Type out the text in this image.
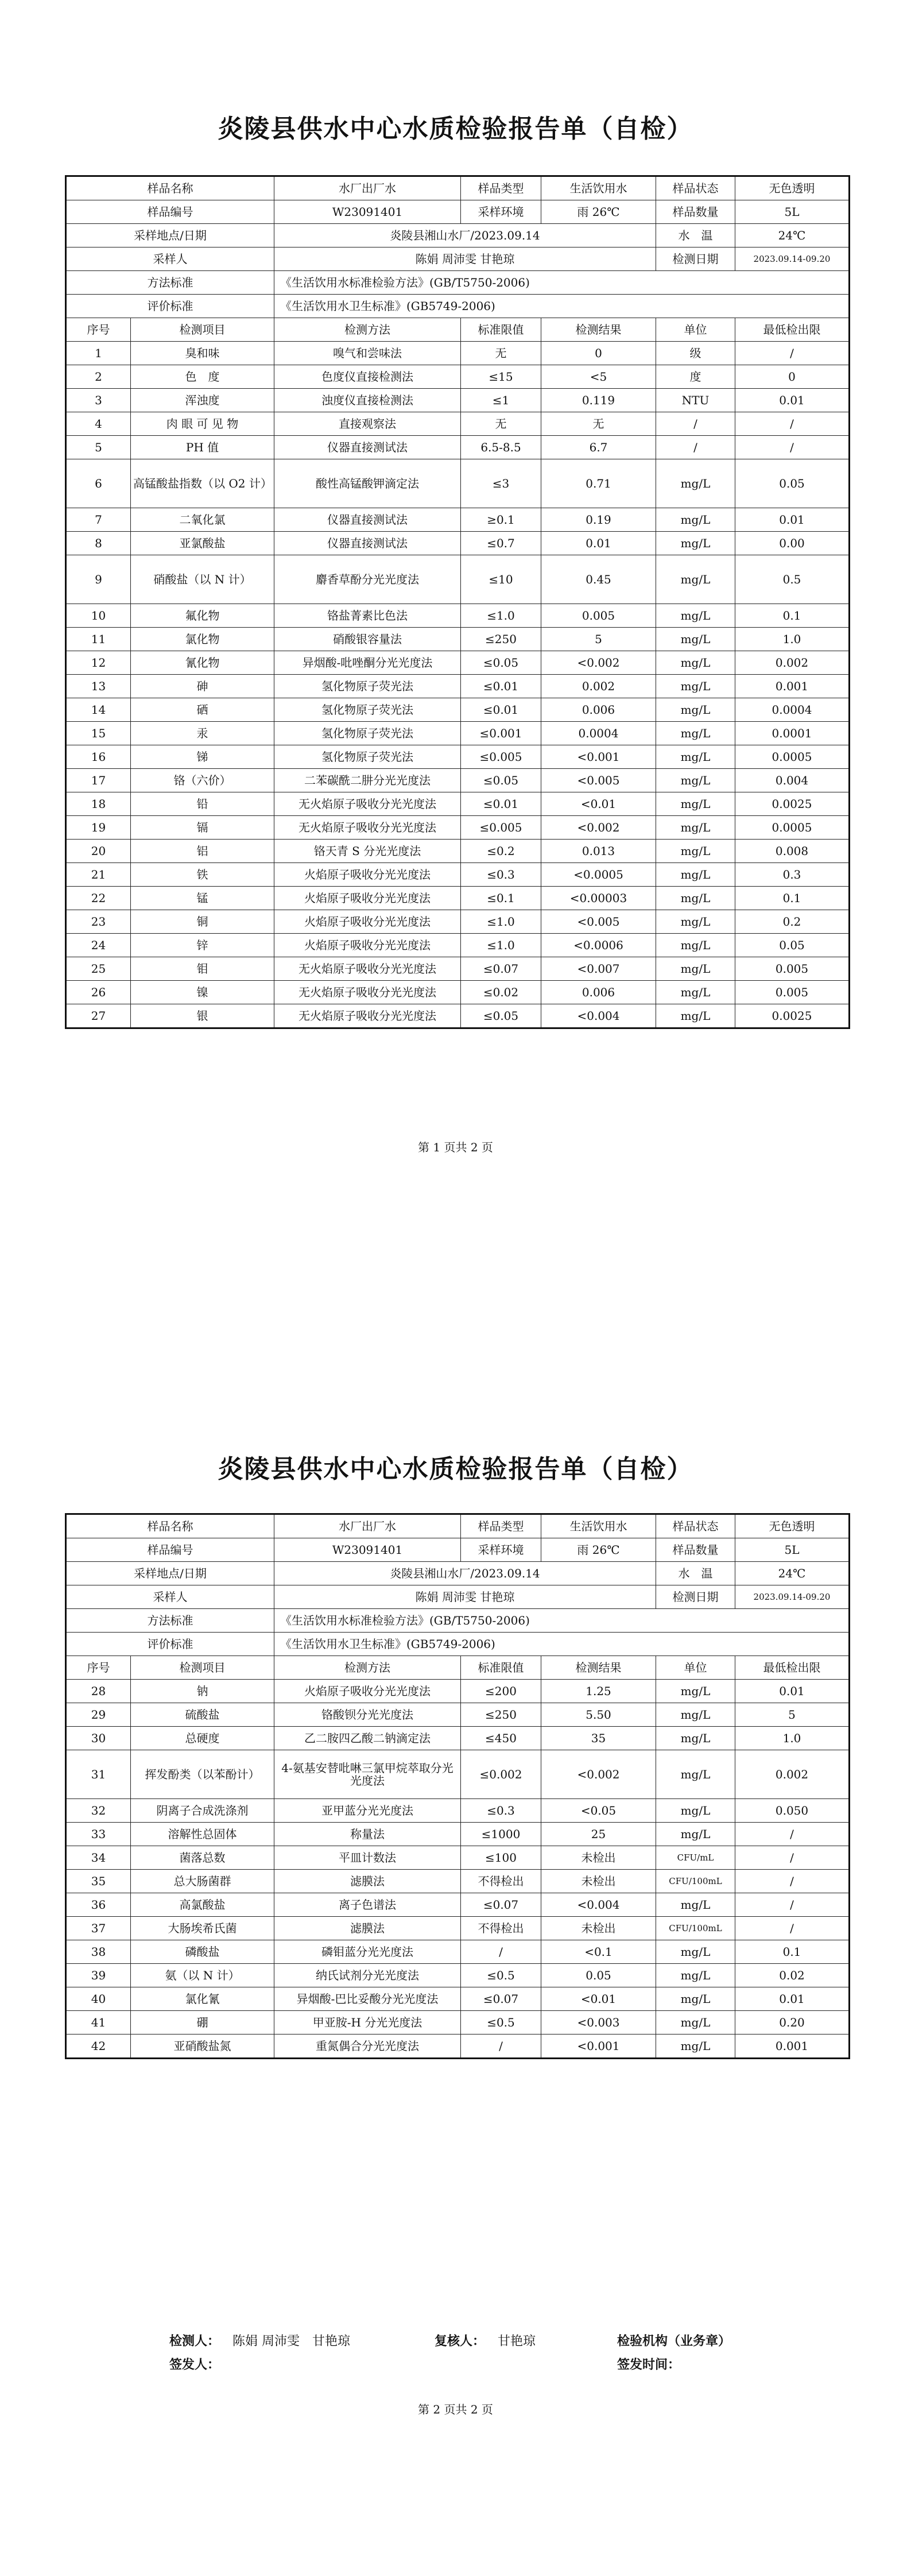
炎陵县供水中心水质检验报告单（自检）
样品名称		水厂出厂水	样品类型	生活饮用水	样品状态	无色透明
样品编号		W23091401	采样环境	雨 26℃	样品数量	5L
采样地点/日期		炎陵县湘山水厂/2023.09.14			水　温	24℃
采样人		陈娟 周沛雯 甘艳琼			检测日期	2023.09.14-09.20
方法标准		《生活饮用水标准检验方法》(GB/T5750-2006)				
评价标准		《生活饮用水卫生标准》(GB5749-2006)				
序号	检测项目	检测方法	标准限值	检测结果	单位	最低检出限
1	臭和味	嗅气和尝味法	无	0	级	/
2	色　度	色度仪直接检测法	≤15	<5	度	0
3	浑浊度	浊度仪直接检测法	≤1	0.119	NTU	0.01
4	肉 眼 可 见 物	直接观察法	无	无	/	/
5	PH 值	仪器直接测试法	6.5-8.5	6.7	/	/
6	高锰酸盐指数（以 O2 计）	酸性高锰酸钾滴定法	≤3	0.71	mg/L	0.05
7	二氧化氯	仪器直接测试法	≥0.1	0.19	mg/L	0.01
8	亚氯酸盐	仪器直接测试法	≤0.7	0.01	mg/L	0.00
9	硝酸盐（以 N 计）	麝香草酚分光光度法	≤10	0.45	mg/L	0.5
10	氟化物	铬盐菁素比色法	≤1.0	0.005	mg/L	0.1
11	氯化物	硝酸银容量法	≤250	5	mg/L	1.0
12	氰化物	异烟酸-吡唑酮分光光度法	≤0.05	<0.002	mg/L	0.002
13	砷	氢化物原子荧光法	≤0.01	0.002	mg/L	0.001
14	硒	氢化物原子荧光法	≤0.01	0.006	mg/L	0.0004
15	汞	氢化物原子荧光法	≤0.001	0.0004	mg/L	0.0001
16	锑	氢化物原子荧光法	≤0.005	<0.001	mg/L	0.0005
17	铬（六价）	二苯碳酰二肼分光光度法	≤0.05	<0.005	mg/L	0.004
18	铅	无火焰原子吸收分光光度法	≤0.01	<0.01	mg/L	0.0025
19	镉	无火焰原子吸收分光光度法	≤0.005	<0.002	mg/L	0.0005
20	铝	铬天青 S 分光光度法	≤0.2	0.013	mg/L	0.008
21	铁	火焰原子吸收分光光度法	≤0.3	<0.0005	mg/L	0.3
22	锰	火焰原子吸收分光光度法	≤0.1	<0.00003	mg/L	0.1
23	铜	火焰原子吸收分光光度法	≤1.0	<0.005	mg/L	0.2
24	锌	火焰原子吸收分光光度法	≤1.0	<0.0006	mg/L	0.05
25	钼	无火焰原子吸收分光光度法	≤0.07	<0.007	mg/L	0.005
26	镍	无火焰原子吸收分光光度法	≤0.02	0.006	mg/L	0.005
27	银	无火焰原子吸收分光光度法	≤0.05	<0.004	mg/L	0.0025

第 1 页共 2 页

炎陵县供水中心水质检验报告单（自检）
样品名称		水厂出厂水	样品类型	生活饮用水	样品状态	无色透明
样品编号		W23091401	采样环境	雨 26℃	样品数量	5L
采样地点/日期		炎陵县湘山水厂/2023.09.14			水　温	24℃
采样人		陈娟 周沛雯 甘艳琼			检测日期	2023.09.14-09.20
方法标准		《生活饮用水标准检验方法》(GB/T5750-2006)				
评价标准		《生活饮用水卫生标准》(GB5749-2006)				
序号	检测项目	检测方法	标准限值	检测结果	单位	最低检出限
28	钠	火焰原子吸收分光光度法	≤200	1.25	mg/L	0.01
29	硫酸盐	铬酸钡分光光度法	≤250	5.50	mg/L	5
30	总硬度	乙二胺四乙酸二钠滴定法	≤450	35	mg/L	1.0
31	挥发酚类（以苯酚计）	4-氨基安替吡啉三氯甲烷萃取分光光度法	≤0.002	<0.002	mg/L	0.002
32	阴离子合成洗涤剂	亚甲蓝分光光度法	≤0.3	<0.05	mg/L	0.050
33	溶解性总固体	称量法	≤1000	25	mg/L	/
34	菌落总数	平皿计数法	≤100	未检出	CFU/mL	/
35	总大肠菌群	滤膜法	不得检出	未检出	CFU/100mL	/
36	高氯酸盐	离子色谱法	≤0.07	<0.004	mg/L	/
37	大肠埃希氏菌	滤膜法	不得检出	未检出	CFU/100mL	/
38	磷酸盐	磷钼蓝分光光度法	/	<0.1	mg/L	0.1
39	氨（以 N 计）	纳氏试剂分光光度法	≤0.5	0.05	mg/L	0.02
40	氯化氰	异烟酸-巴比妥酸分光光度法	≤0.07	<0.01	mg/L	0.01
41	硼	甲亚胺-H 分光光度法	≤0.5	<0.003	mg/L	0.20
42	亚硝酸盐氮	重氮偶合分光光度法	/	<0.001	mg/L	0.001
检测人： 陈娟 周沛雯　甘艳琼	复核人： 甘艳琼	检验机构（业务章）
签发人：	签发时间：

第 2 页共 2 页
